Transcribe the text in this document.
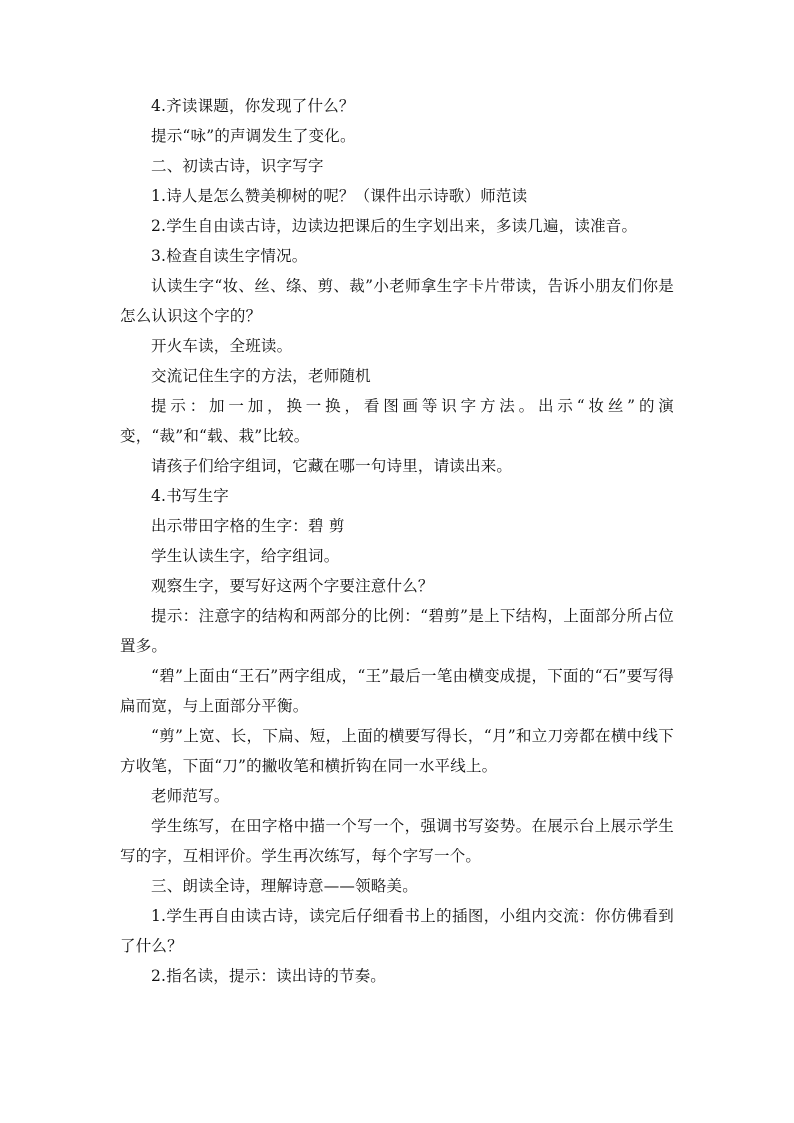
4.齐读课题，你发现了什么？

提示“咏”的声调发生了变化。

二、初读古诗，识字写字

1.诗人是怎么赞美柳树的呢？（课件出示诗歌）师范读

2.学生自由读古诗，边读边把课后的生字划出来，多读几遍，读准音。

3.检查自读生字情况。

认读生字“妆、丝、绦、剪、裁”小老师拿生字卡片带读，告诉小朋友们你是怎么认识这个字的？

开火车读，全班读。

交流记住生字的方法，老师随机

提示：加一加，换一换，看图画等识字方法。出示“妆丝”的演变，“裁”和“载、栽”比较。

请孩子们给字组词，它藏在哪一句诗里，请读出来。

4.书写生字

出示带田字格的生字：碧 剪

学生认读生字，给字组词。

观察生字，要写好这两个字要注意什么？

提示：注意字的结构和两部分的比例：“碧剪”是上下结构，上面部分所占位置多。

“碧”上面由“王石”两字组成，“王”最后一笔由横变成提，下面的“石”要写得扁而宽，与上面部分平衡。

“剪”上宽、长，下扁、短，上面的横要写得长，“月”和立刀旁都在横中线下方收笔，下面“刀”的撇收笔和横折钩在同一水平线上。

老师范写。

学生练写，在田字格中描一个写一个，强调书写姿势。在展示台上展示学生写的字，互相评价。学生再次练写，每个字写一个。

三、朗读全诗，理解诗意——领略美。

1.学生再自由读古诗，读完后仔细看书上的插图，小组内交流：你仿佛看到了什么？

2.指名读，提示：读出诗的节奏。
